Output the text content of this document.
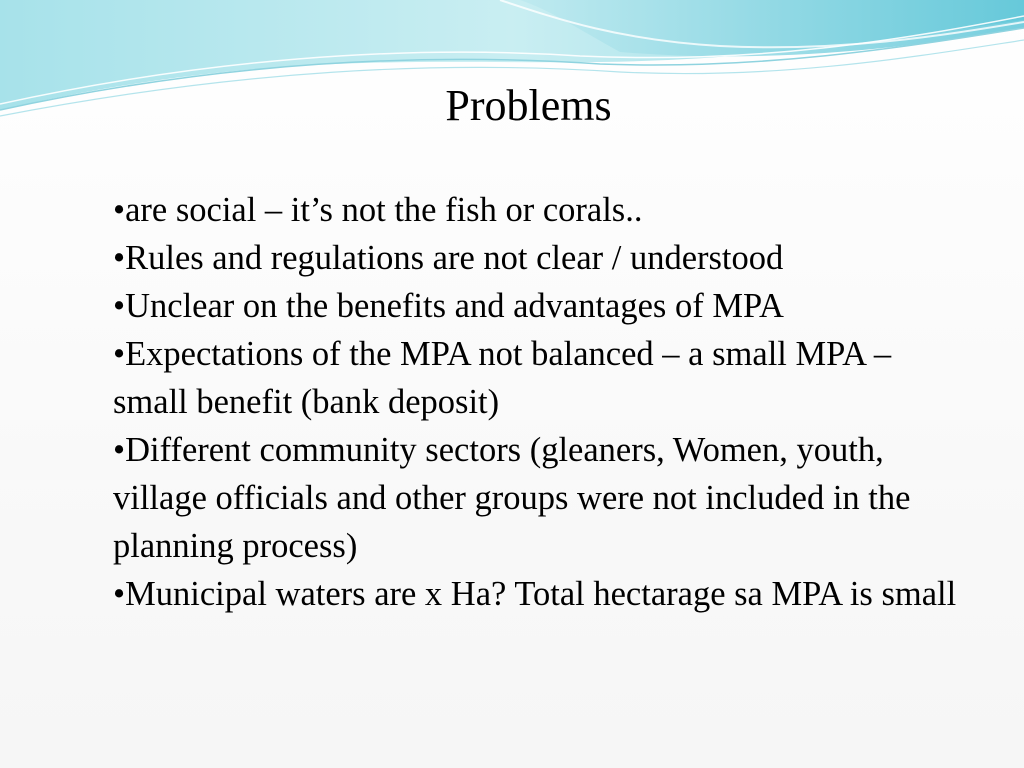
Problems
•are social – it’s not the fish or corals..
•Rules and regulations are not clear / understood
•Unclear on the benefits and advantages of MPA
•Expectations of the MPA not balanced – a small MPA – small benefit (bank deposit)
•Different community sectors (gleaners, Women, youth, village officials and other groups were not included in the planning process)
•Municipal waters are x Ha? Total hectarage sa MPA is small
